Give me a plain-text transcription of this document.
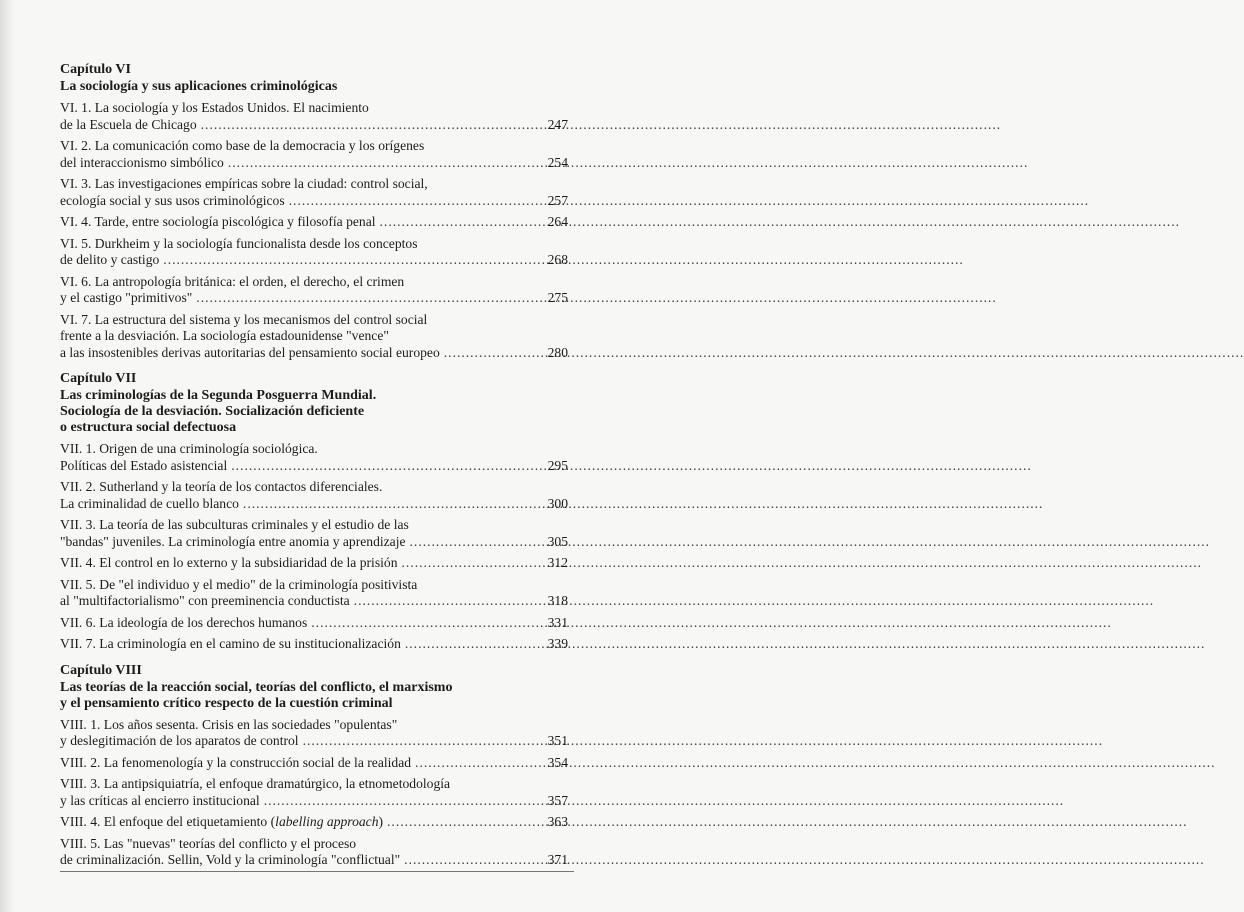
Capítulo VI
La sociología y sus aplicaciones criminológicas
VI. 1. La sociología y los Estados Unidos. El nacimiento
de la Escuela de Chicago .....	247
VI. 2. La comunicación como base de la democracia y los orígenes
del interaccionismo simbólico .....	254
VI. 3. Las investigaciones empíricas sobre la ciudad: control social,
ecología social y sus usos criminológicos .....	257
VI. 4. Tarde, entre sociología piscológica y filosofía penal .....	264
VI. 5. Durkheim y la sociología funcionalista desde los conceptos
de delito y castigo .....	268
VI. 6. La antropología británica: el orden, el derecho, el crimen
y el castigo "primitivos" .....	275
VI. 7. La estructura del sistema y los mecanismos del control social
frente a la desviación. La sociología estadounidense "vence"
a las insostenibles derivas autoritarias del pensamiento social europeo .....	280
Capítulo VII
Las criminologías de la Segunda Posguerra Mundial.
Sociología de la desviación. Socialización deficiente
o estructura social defectuosa
VII. 1. Origen de una criminología sociológica.
Políticas del Estado asistencial .....	295
VII. 2. Sutherland y la teoría de los contactos diferenciales.
La criminalidad de cuello blanco .....	300
VII. 3. La teoría de las subculturas criminales y el estudio de las
"bandas" juveniles. La criminología entre anomia y aprendizaje .....	305
VII. 4. El control en lo externo y la subsidiaridad de la prisión .....	312
VII. 5. De "el individuo y el medio" de la criminología positivista
al "multifactorialismo" con preeminencia conductista .....	318
VII. 6. La ideología de los derechos humanos .....	331
VII. 7. La criminología en el camino de su institucionalización .....	339
Capítulo VIII
Las teorías de la reacción social, teorías del conflicto, el marxismo
y el pensamiento crítico respecto de la cuestión criminal
VIII. 1. Los años sesenta. Crisis en las sociedades "opulentas"
y deslegitimación de los aparatos de control .....	351
VIII. 2. La fenomenología y la construcción social de la realidad .....	354
VIII. 3. La antipsiquiatría, el enfoque dramatúrgico, la etnometodología
y las críticas al encierro institucional .....	357
VIII. 4. El enfoque del etiquetamiento (labelling approach) .....	363
VIII. 5. Las "nuevas" teorías del conflicto y el proceso
de criminalización. Sellin, Vold y la criminología "conflictual" .....	371
